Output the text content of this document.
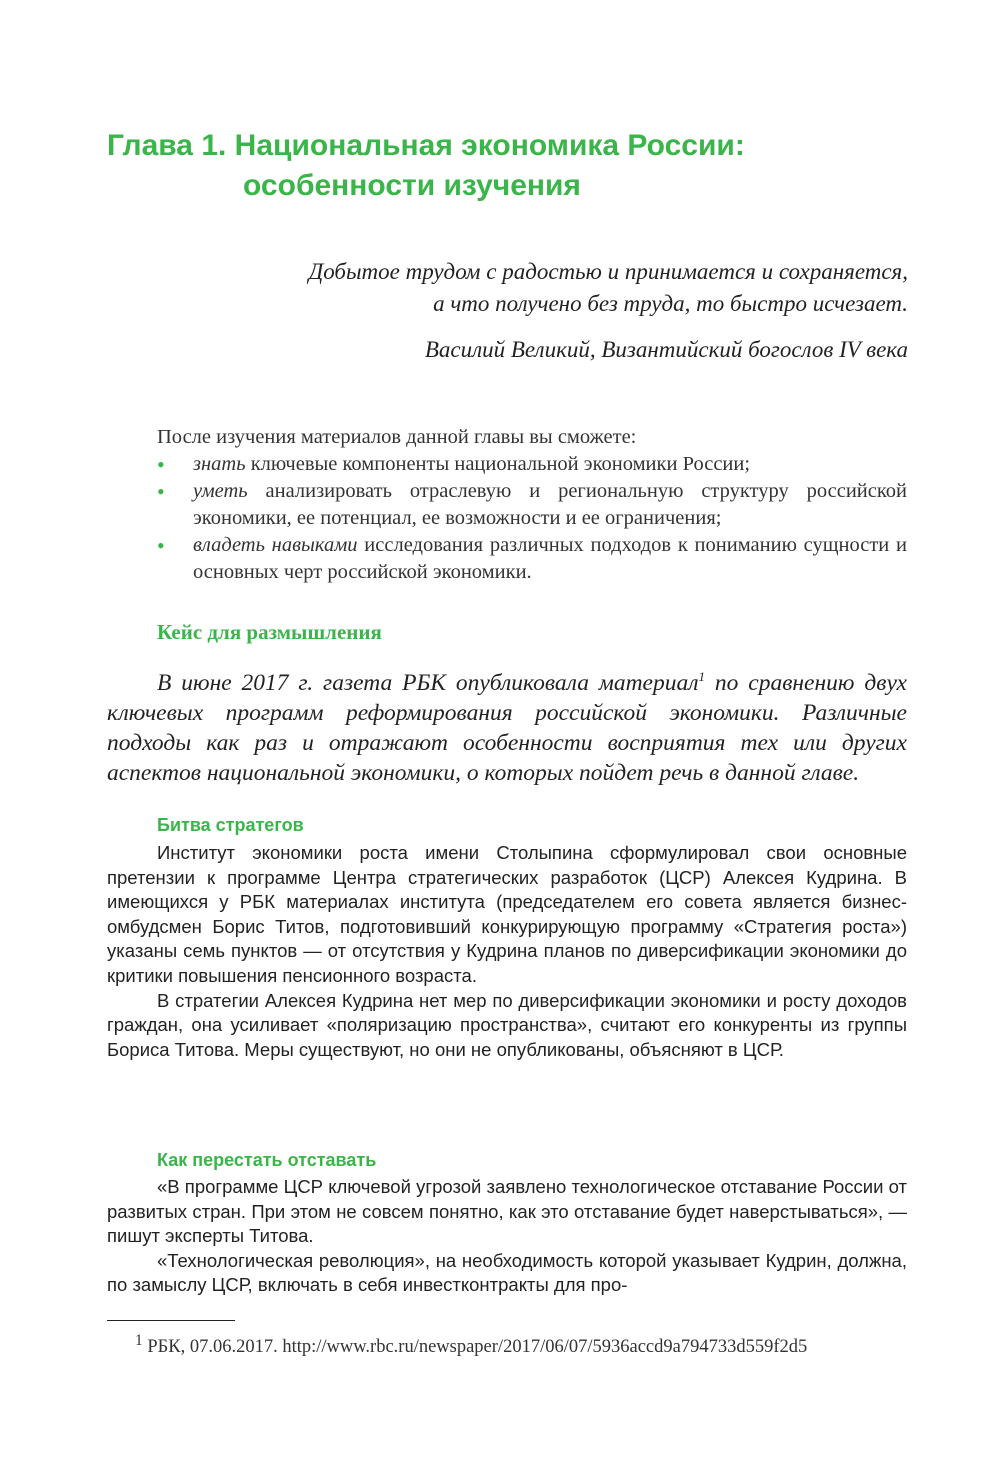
Глава 1. Национальная экономика России:
особенности изучения
Добытое трудом с радостью и принимается и сохраняется,
а что получено без труда, то быстро исчезает.
Василий Великий, Византийский богослов IV века
После изучения материалов данной главы вы сможете:
• знать ключевые компоненты национальной экономики России;
• уметь анализировать отраслевую и региональную структуру российской экономики, ее потенциал, ее возможности и ее ограничения;
• владеть навыками исследования различных подходов к пониманию сущности и основных черт российской экономики.
Кейс для размышления
В июне 2017 г. газета РБК опубликовала материал$^1$ по сравнению двух ключевых программ реформирования российской экономики. Различные подходы как раз и отражают особенности восприятия тех или других аспектов национальной экономики, о которых пойдет речь в данной главе.
Битва стратегов

Институт экономики роста имени Столыпина сформулировал свои основные претензии к программе Центра стратегических разработок (ЦСР) Алексея Кудрина. В имеющихся у РБК материалах института (председателем его совета является бизнес-омбудсмен Борис Титов, подготовивший конкурирующую программу «Стратегия роста») указаны семь пунктов — от отсутствия у Кудрина планов по диверсификации экономики до критики повышения пенсионного возраста.

В стратегии Алексея Кудрина нет мер по диверсификации экономики и росту доходов граждан, она усиливает «поляризацию пространства», считают его конкуренты из группы Бориса Титова. Меры существуют, но они не опубликованы, объясняют в ЦСР.

Как перестать отставать

«В программе ЦСР ключевой угрозой заявлено технологическое отставание России от развитых стран. При этом не совсем понятно, как это отставание будет наверстываться», — пишут эксперты Титова.

«Технологическая революция», на необходимость которой указывает Кудрин, должна, по замыслу ЦСР, включать в себя инвестконтракты для про-

$^1$ РБК, 07.06.2017. http://www.rbc.ru/newspaper/2017/06/07/5936accd9a794733d559f2d5
